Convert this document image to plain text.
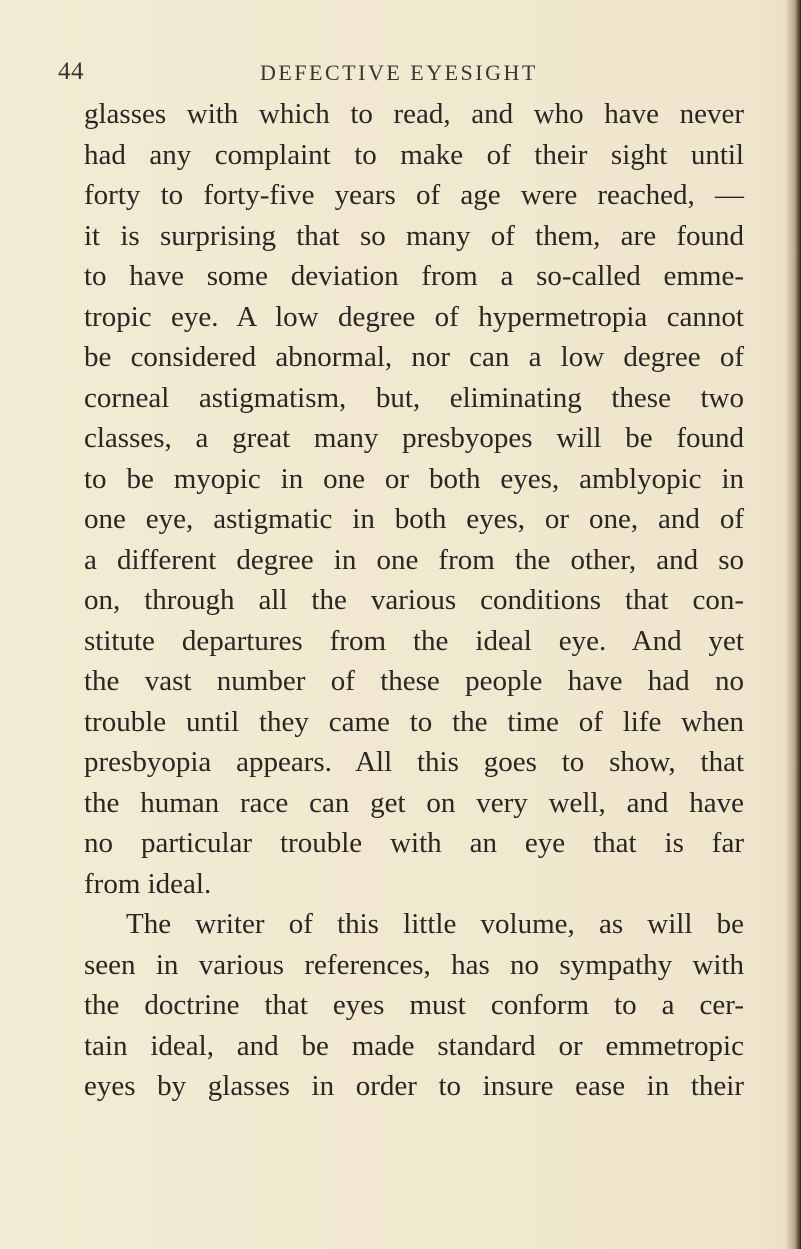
44	DEFECTIVE EYESIGHT
glasses with which to read, and who have never
had any complaint to make of their sight until
forty to forty-five years of age were reached, —
it is surprising that so many of them, are found
to have some deviation from a so-called emme-
tropic eye. A low degree of hypermetropia cannot
be considered abnormal, nor can a low degree of
corneal astigmatism, but, eliminating these two
classes, a great many presbyopes will be found
to be myopic in one or both eyes, amblyopic in
one eye, astigmatic in both eyes, or one, and of
a different degree in one from the other, and so
on, through all the various conditions that con-
stitute departures from the ideal eye. And yet
the vast number of these people have had no
trouble until they came to the time of life when
presbyopia appears. All this goes to show, that
the human race can get on very well, and have
no particular trouble with an eye that is far
from ideal.
The writer of this little volume, as will be
seen in various references, has no sympathy with
the doctrine that eyes must conform to a cer-
tain ideal, and be made standard or emmetropic
eyes by glasses in order to insure ease in their
